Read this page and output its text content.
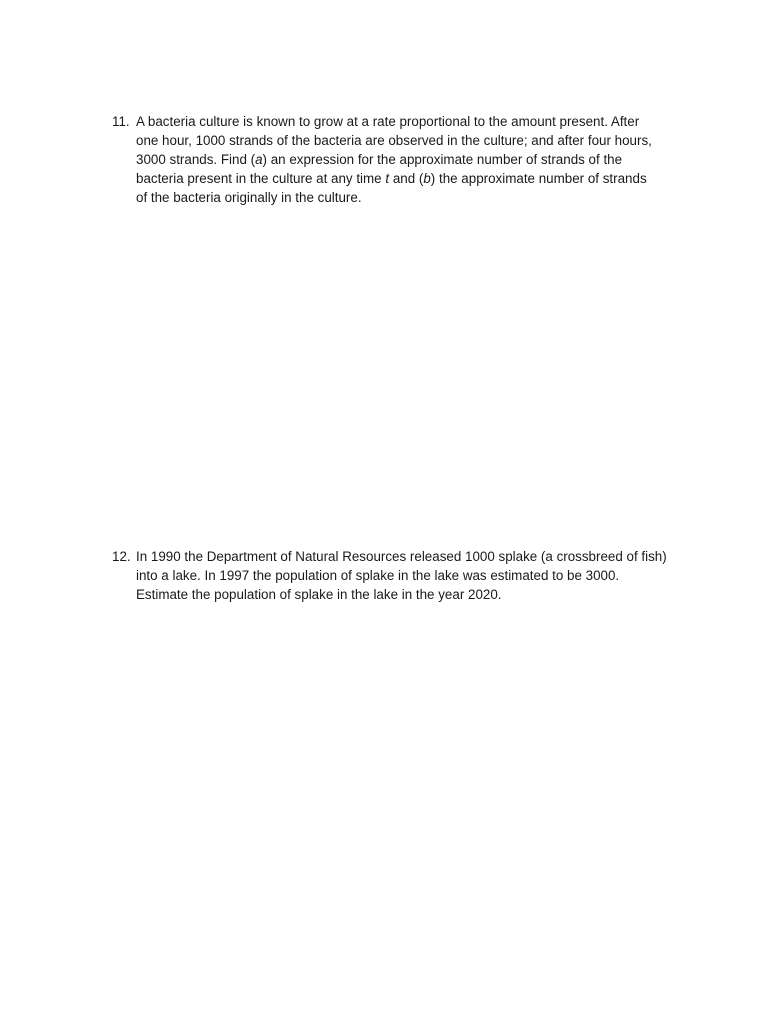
11. A bacteria culture is known to grow at a rate proportional to the amount present. After
one hour, 1000 strands of the bacteria are observed in the culture; and after four hours,
3000 strands. Find (a) an expression for the approximate number of strands of the
bacteria present in the culture at any time t and (b) the approximate number of strands
of the bacteria originally in the culture.
12. In 1990 the Department of Natural Resources released 1000 splake (a crossbreed of fish)
into a lake. In 1997 the population of splake in the lake was estimated to be 3000.
Estimate the population of splake in the lake in the year 2020.
